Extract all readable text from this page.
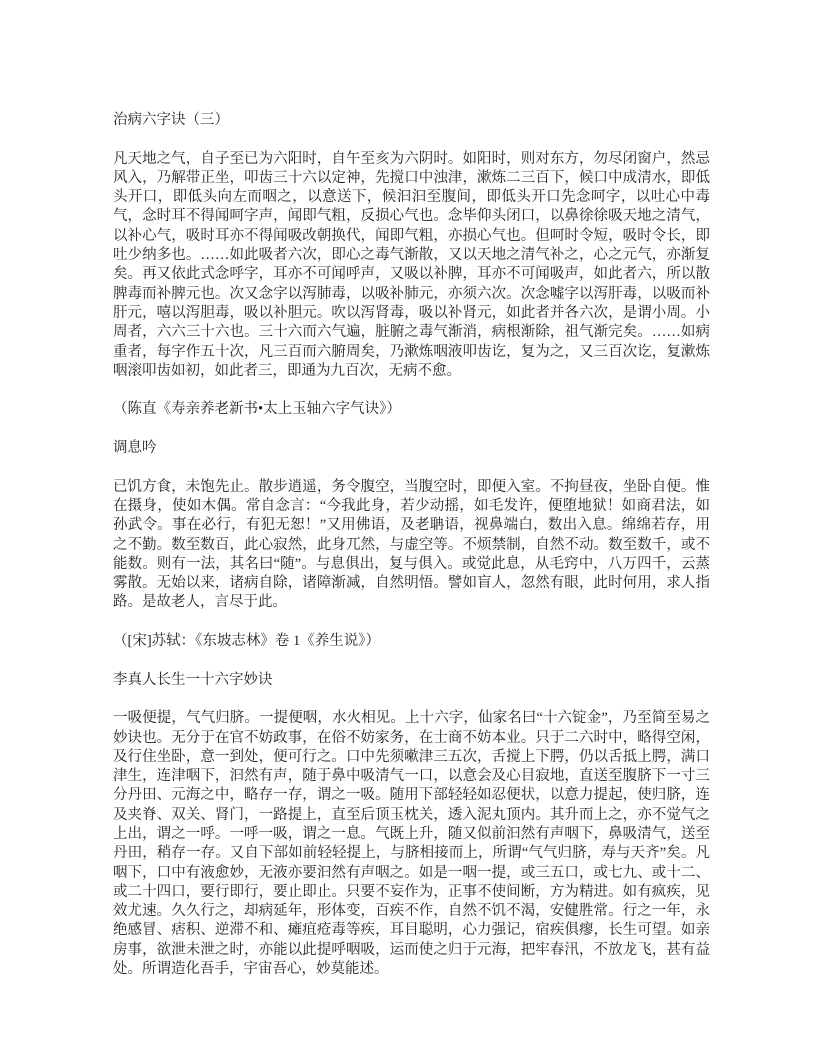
治病六字诀（三）

凡天地之气，自子至已为六阳时，自午至亥为六阴时。如阳时，则对东方，勿尽闭窗户，然忌风入，乃解带正坐，叩齿三十六以定神，先搅口中浊津，漱炼二三百下，候口中成清水，即低头开口，即低头向左而咽之，以意送下，候汩汩至腹间，即低头开口先念呵字，以吐心中毒气，念时耳不得闻呵字声，闻即气粗，反损心气也。念毕仰头闭口，以鼻徐徐吸天地之清气，以补心气，吸时耳亦不得闻吸改朝换代，闻即气粗，亦损心气也。但呵时令短，吸时令长，即吐少纳多也。……如此吸者六次，即心之毒气渐散，又以天地之清气补之，心之元气，亦渐复矣。再又依此式念呼字，耳亦不可闻呼声，又吸以补脾，耳亦不可闻吸声，如此者六，所以散脾毒而补脾元也。次又念字以泻肺毒，以吸补肺元，亦须六次。次念嘘字以泻肝毒，以吸而补肝元，嘻以泻胆毒，吸以补胆元。吹以泻肾毒，吸以补肾元，如此者并各六次，是谓小周。小周者，六六三十六也。三十六而六气遍，脏腑之毒气渐消，病根渐除，祖气渐完矣。……如病重者，每字作五十次，凡三百而六腑周矣，乃漱炼咽液叩齿讫，复为之，又三百次讫，复漱炼咽滚叩齿如初，如此者三，即通为九百次，无病不愈。

（陈直《寿亲养老新书•太上玉轴六字气诀》）

调息吟

已饥方食，未饱先止。散步逍遥，务令腹空，当腹空时，即便入室。不拘昼夜，坐卧自便。惟在摄身，使如木偶。常自念言：“今我此身，若少动摇，如毛发许，便堕地狱！如商君法，如孙武令。事在必行，有犯无恕！”又用佛语，及老聃语，视鼻端白，数出入息。绵绵若存，用之不勤。数至数百，此心寂然，此身兀然，与虚空等。不烦禁制，自然不动。数至数千，或不能数。则有一法，其名曰“随”。与息俱出，复与俱入。或觉此息，从毛窍中，八万四千，云蒸雾散。无始以来，诸病自除，诸障渐减，自然明悟。譬如盲人，忽然有眼，此时何用，求人指路。是故老人，言尽于此。

（[宋]苏轼：《东坡志林》卷 1《养生说》）

李真人长生一十六字妙诀

一吸便提，气气归脐。一提便咽，水火相见。上十六字，仙家名曰“十六锭金”，乃至简至易之妙诀也。无分于在官不妨政事，在俗不妨家务，在士商不妨本业。只于二六时中，略得空闲，及行住坐卧，意一到处，便可行之。口中先须嗽津三五次，舌搅上下腭，仍以舌抵上腭，满口津生，连津咽下，汩然有声，随于鼻中吸清气一口，以意会及心目寂地，直送至腹脐下一寸三分丹田、元海之中，略存一存，谓之一吸。随用下部轻轻如忍便状，以意力提起，使归脐，连及夹脊、双关、肾门，一路提上，直至后顶玉枕关，透入泥丸顶内。其升而上之，亦不觉气之上出，谓之一呼。一呼一吸，谓之一息。气既上升，随又似前汩然有声咽下，鼻吸清气，送至丹田，稍存一存。又自下部如前轻轻提上，与脐相接而上，所谓“气气归脐，寿与天齐”矣。凡咽下，口中有液愈妙，无液亦要汩然有声咽之。如是一咽一提，或三五口，或七九、或十二、或二十四口，要行即行，要止即止。只要不妄作为，正事不使间断，方为精进。如有疯疾，见效尤速。久久行之，却病延年，形体变，百疾不作，自然不饥不渴，安健胜常。行之一年，永绝感冒、痞积、逆滞不和、瘫疽疮毒等疾，耳目聪明，心力强记，宿疾俱瘳，长生可望。如亲房事，欲泄未泄之时，亦能以此提呼咽吸，运而使之归于元海，把牢春汛，不放龙飞，甚有益处。所谓造化吾手，宇宙吾心，妙莫能述。
